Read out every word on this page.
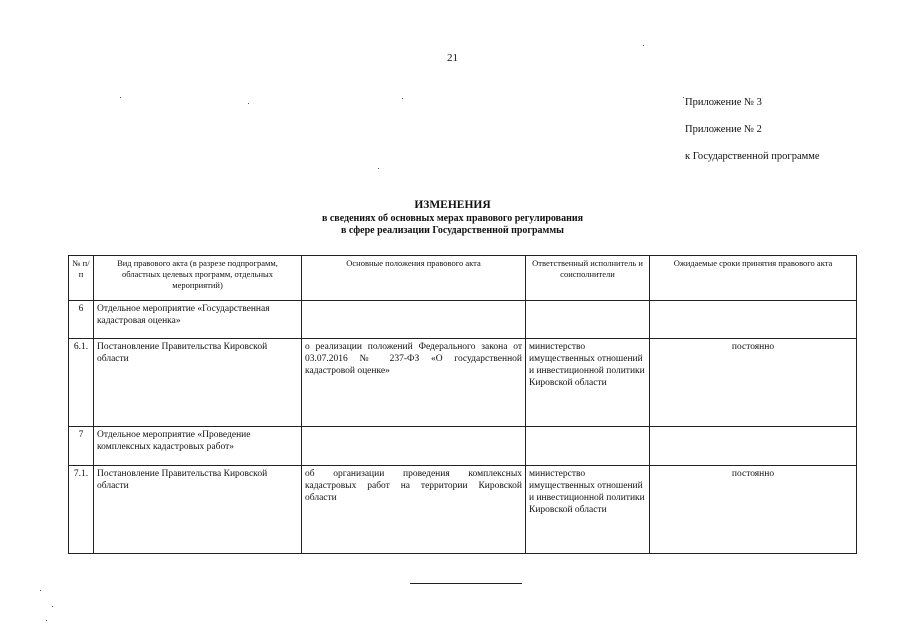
21
Приложение № 3
Приложение № 2
к Государственной программе
ИЗМЕНЕНИЯ
в сведениях об основных мерах правового регулирования
в сфере реализации Государственной программы
№ п/п	Вид правового акта (в разрезе подпрограмм, областных целевых программ, отдельных мероприятий)	Основные положения правового акта	Ответственный исполнитель и соисполнители	Ожидаемые сроки принятия правового акта
6	Отдельное мероприятие «Государственная кадастровая оценка»			
6.1.	Постановление Правительства Кировской области	о реализации положений Федерального закона от 03.07.2016 № 237-ФЗ «О государственной кадастровой оценке»	министерство имущественных отношений и инвестиционной политики Кировской области	постоянно
7	Отдельное мероприятие «Проведение комплексных кадастровых работ»			
7.1.	Постановление Правительства Кировской области	об организации проведения комплексных кадастровых работ на территории Кировской области	министерство имущественных отношений и инвестиционной политики Кировской области	постоянно
